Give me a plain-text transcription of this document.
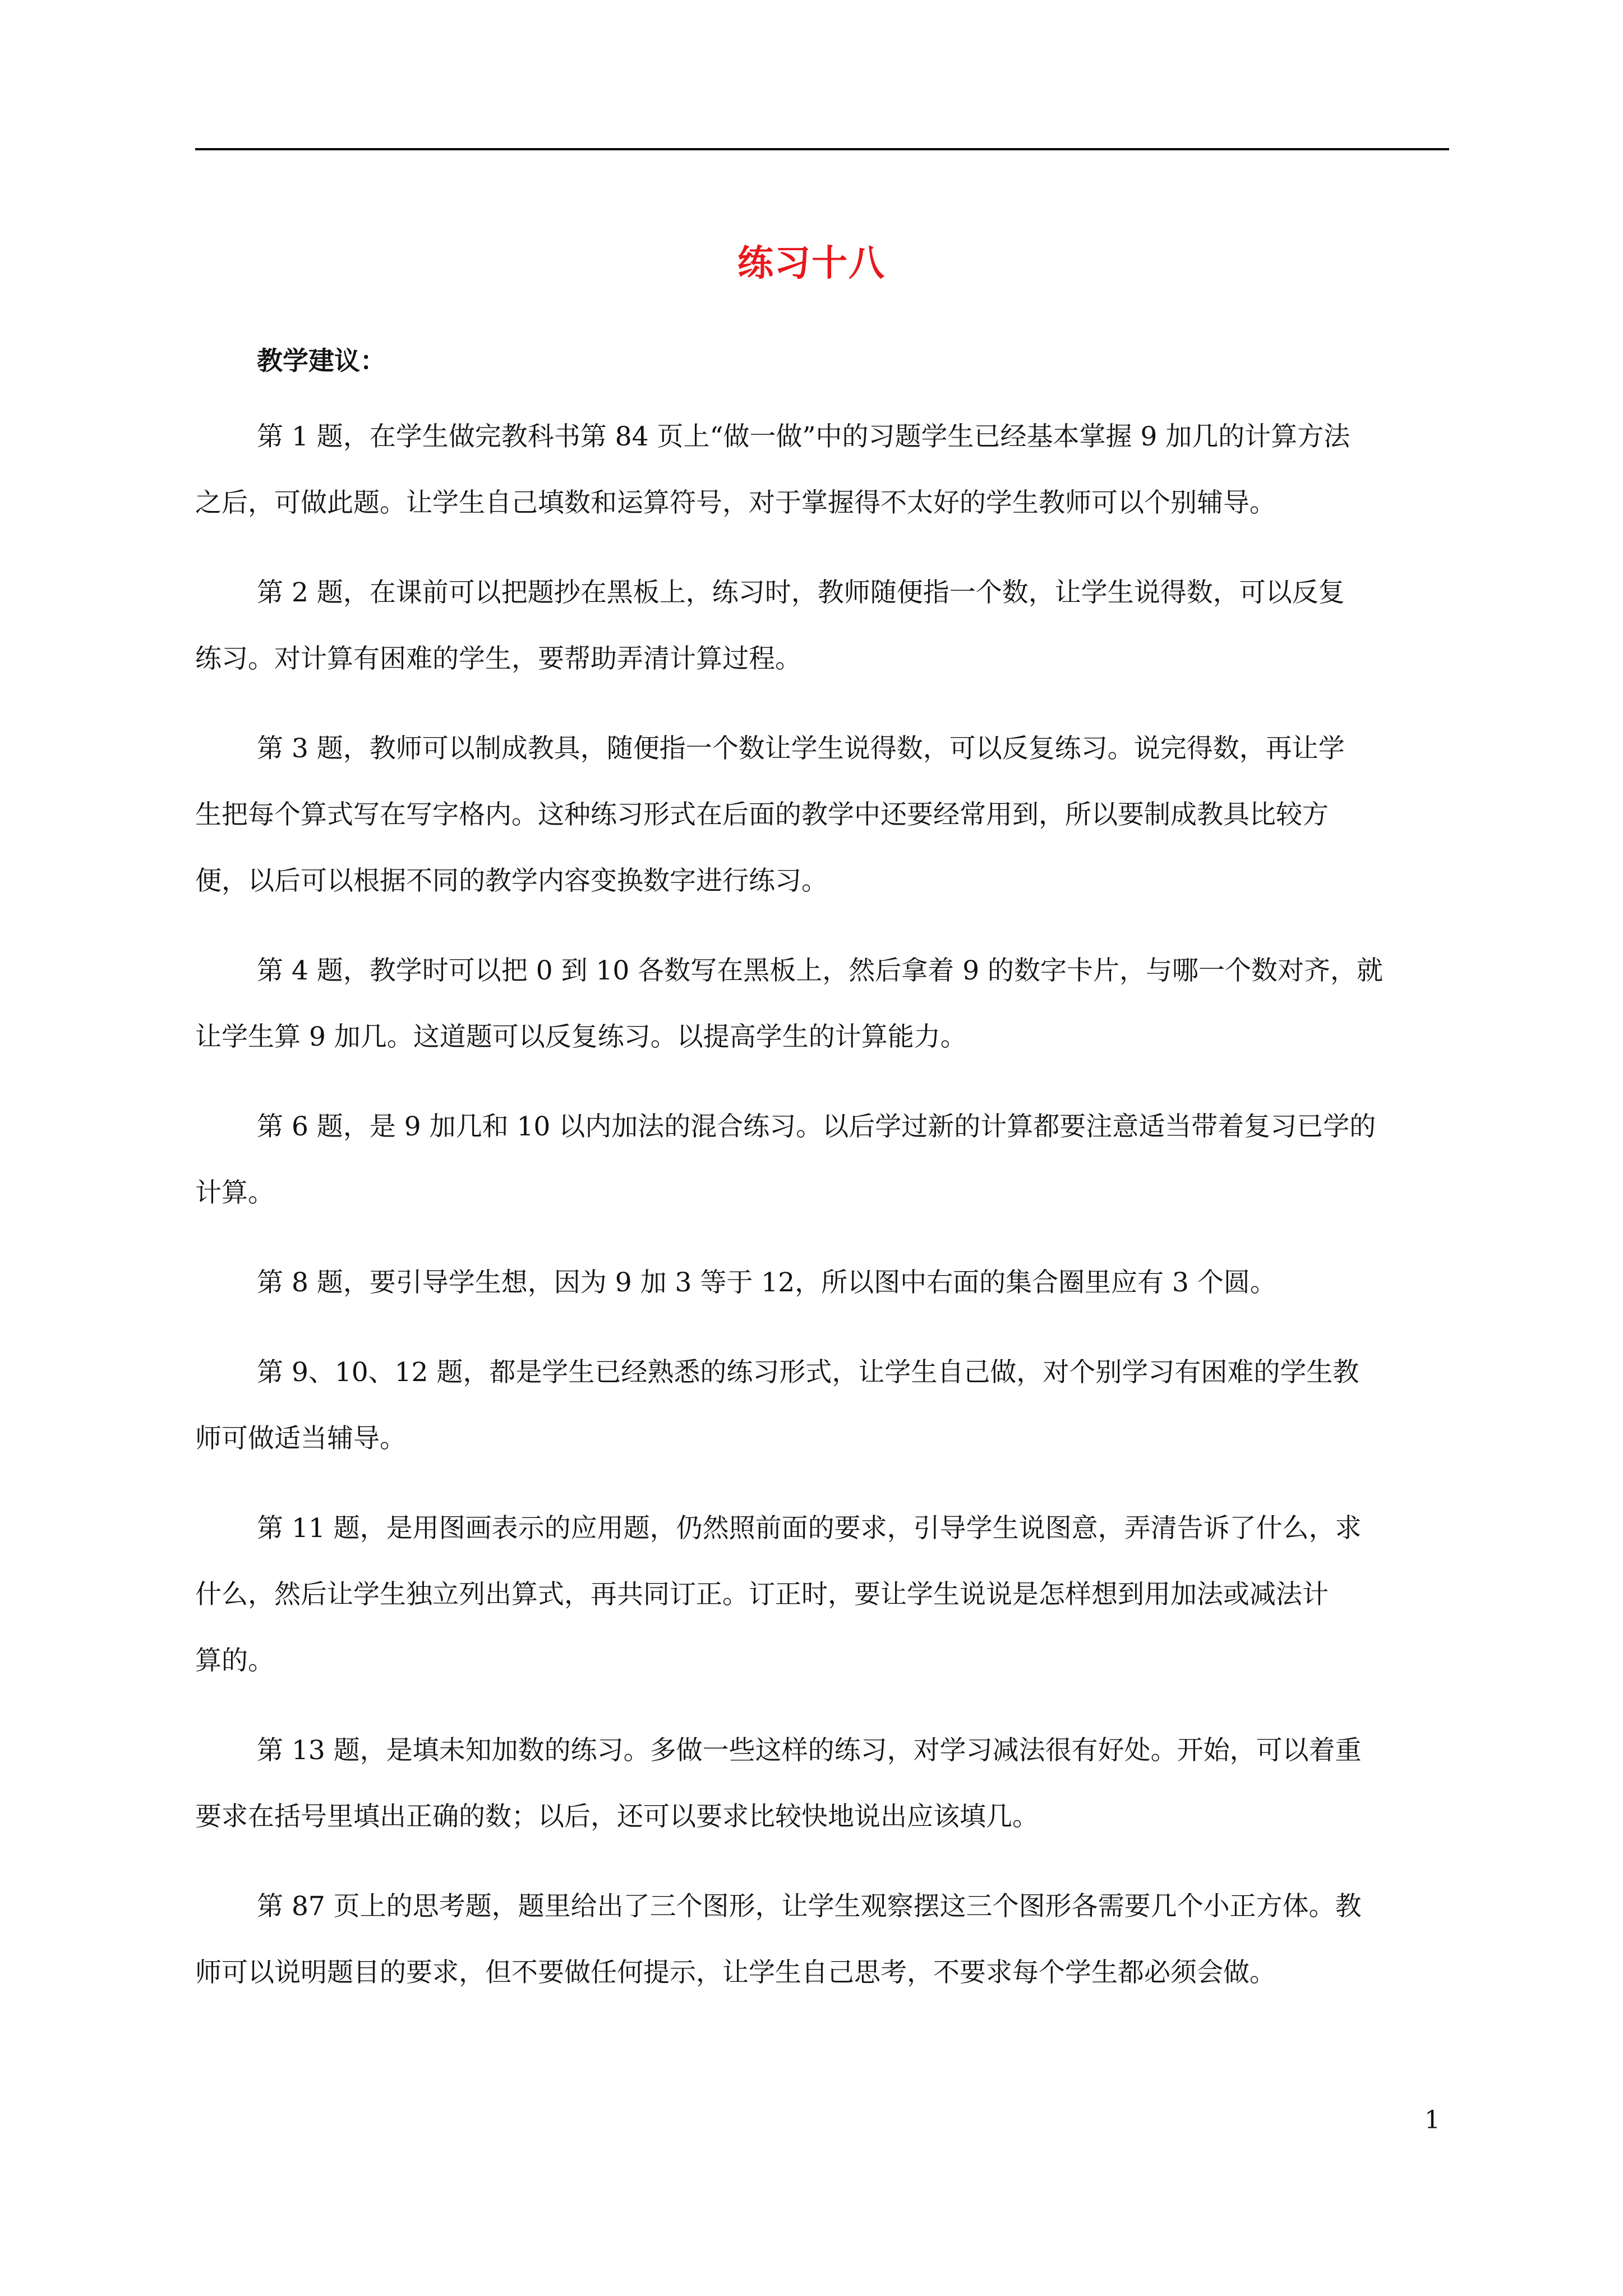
练习十八
教学建议：

第 1 题，在学生做完教科书第 84 页上“做一做”中的习题学生已经基本掌握 9 加几的计算方法
之后，可做此题。让学生自己填数和运算符号，对于掌握得不太好的学生教师可以个别辅导。

第 2 题，在课前可以把题抄在黑板上，练习时，教师随便指一个数，让学生说得数，可以反复
练习。对计算有困难的学生，要帮助弄清计算过程。

第 3 题，教师可以制成教具，随便指一个数让学生说得数，可以反复练习。说完得数，再让学
生把每个算式写在写字格内。这种练习形式在后面的教学中还要经常用到，所以要制成教具比较方
便，以后可以根据不同的教学内容变换数字进行练习。

第 4 题，教学时可以把 0 到 10 各数写在黑板上，然后拿着 9 的数字卡片，与哪一个数对齐，就
让学生算 9 加几。这道题可以反复练习。以提高学生的计算能力。

第 6 题，是 9 加几和 10 以内加法的混合练习。以后学过新的计算都要注意适当带着复习已学的
计算。

第 8 题，要引导学生想，因为 9 加 3 等于 12，所以图中右面的集合圈里应有 3 个圆。

第 9、10、12 题，都是学生已经熟悉的练习形式，让学生自己做，对个别学习有困难的学生教
师可做适当辅导。

第 11 题，是用图画表示的应用题，仍然照前面的要求，引导学生说图意，弄清告诉了什么，求
什么，然后让学生独立列出算式，再共同订正。订正时，要让学生说说是怎样想到用加法或减法计
算的。

第 13 题，是填未知加数的练习。多做一些这样的练习，对学习减法很有好处。开始，可以着重
要求在括号里填出正确的数；以后，还可以要求比较快地说出应该填几。

第 87 页上的思考题，题里给出了三个图形，让学生观察摆这三个图形各需要几个小正方体。教
师可以说明题目的要求，但不要做任何提示，让学生自己思考，不要求每个学生都必须会做。

1
